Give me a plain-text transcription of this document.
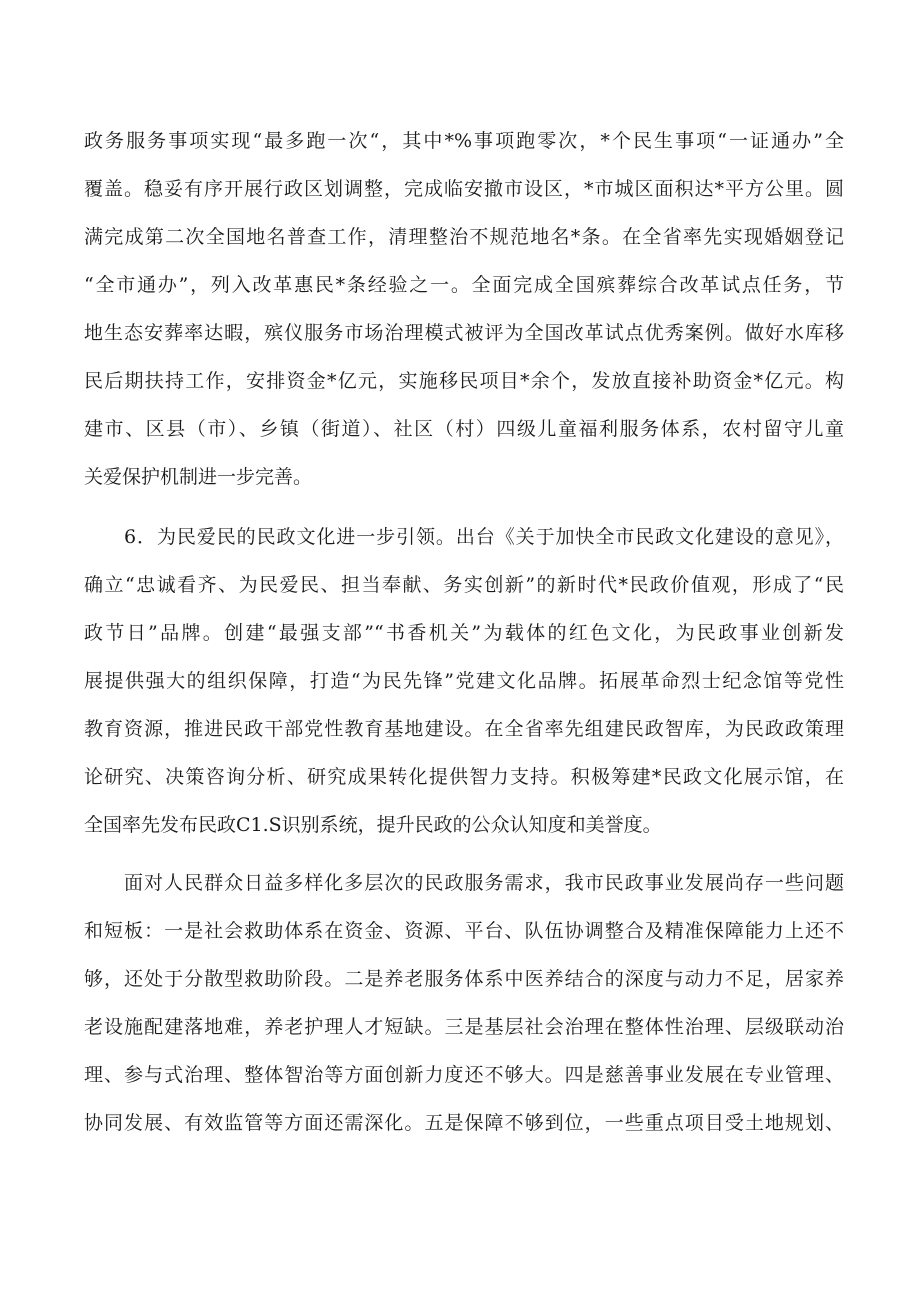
政务服务事项实现“最多跑一次“，其中*%事项跑零次，*个民生事项“一证通办”全
覆盖。稳妥有序开展行政区划调整，完成临安撤市设区，*市城区面积达*平方公里。圆
满完成第二次全国地名普查工作，清理整治不规范地名*条。在全省率先实现婚姻登记
“全市通办”，列入改革惠民*条经验之一。全面完成全国殡葬综合改革试点任务，节
地生态安葬率达暇，殡仪服务市场治理模式被评为全国改革试点优秀案例。做好水库移
民后期扶持工作，安排资金*亿元，实施移民项目*余个，发放直接补助资金*亿元。构
建市、区县（市）、乡镇（街道）、社区（村）四级儿童福利服务体系，农村留守儿童
关爱保护机制进一步完善。
6．为民爱民的民政文化进一步引领。出台《关于加快全市民政文化建设的意见》，
确立“忠诚看齐、为民爱民、担当奉献、务实创新”的新时代*民政价值观，形成了“民
政节日”品牌。创建“最强支部”“书香机关”为载体的红色文化，为民政事业创新发
展提供强大的组织保障，打造“为民先锋”党建文化品牌。拓展革命烈士纪念馆等党性
教育资源，推进民政干部党性教育基地建设。在全省率先组建民政智库，为民政政策理
论研究、决策咨询分析、研究成果转化提供智力支持。积极筹建*民政文化展示馆，在
全国率先发布民政C1.S识别系统，提升民政的公众认知度和美誉度。
面对人民群众日益多样化多层次的民政服务需求，我市民政事业发展尚存一些问题
和短板：一是社会救助体系在资金、资源、平台、队伍协调整合及精准保障能力上还不
够，还处于分散型救助阶段。二是养老服务体系中医养结合的深度与动力不足，居家养
老设施配建落地难，养老护理人才短缺。三是基层社会治理在整体性治理、层级联动治
理、参与式治理、整体智治等方面创新力度还不够大。四是慈善事业发展在专业管理、
协同发展、有效监管等方面还需深化。五是保障不够到位，一些重点项目受土地规划、
